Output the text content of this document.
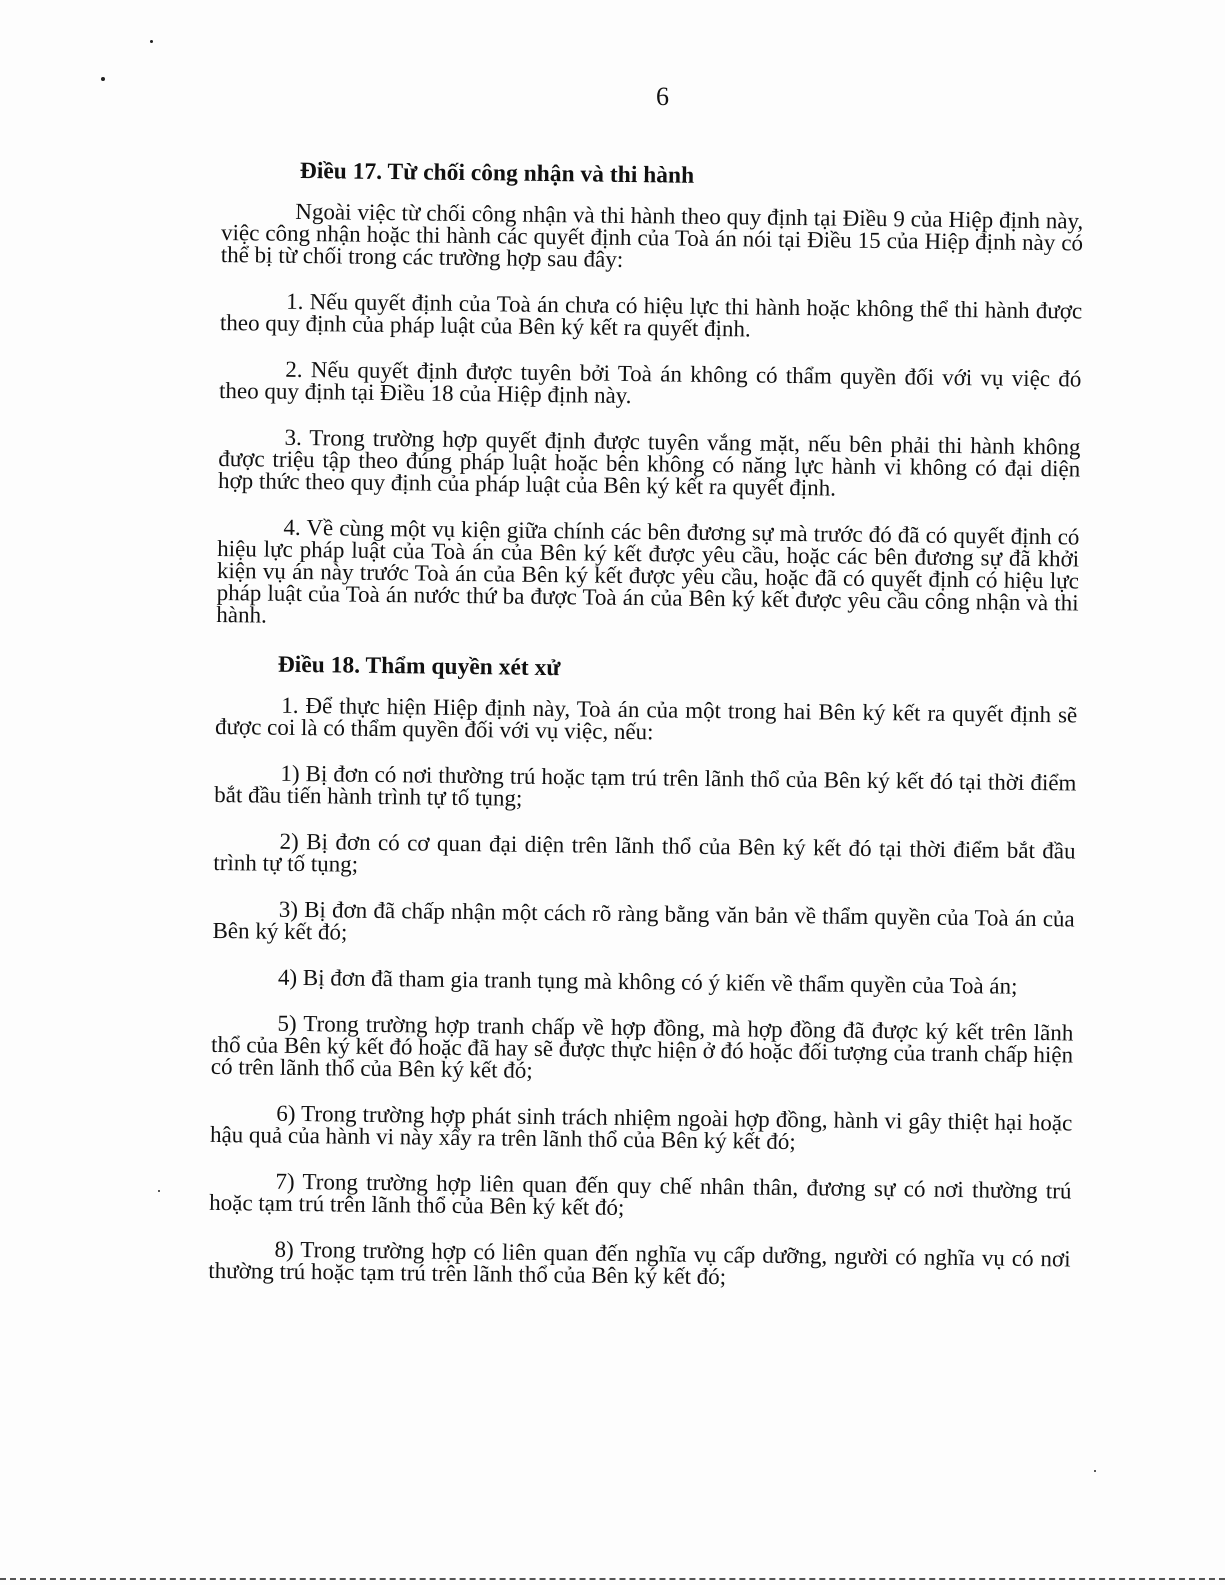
6
Điều 17. Từ chối công nhận và thi hành

Ngoài việc từ chối công nhận và thi hành theo quy định tại Điều 9 của Hiệp định này, việc công nhận hoặc thi hành các quyết định của Toà án nói tại Điều 15 của Hiệp định này có thể bị từ chối trong các trường hợp sau đây:

1. Nếu quyết định của Toà án chưa có hiệu lực thi hành hoặc không thể thi hành được theo quy định của pháp luật của Bên ký kết ra quyết định.

2. Nếu quyết định được tuyên bởi Toà án không có thẩm quyền đối với vụ việc đó theo quy định tại Điều 18 của Hiệp định này.

3. Trong trường hợp quyết định được tuyên vắng mặt, nếu bên phải thi hành không được triệu tập theo đúng pháp luật hoặc bên không có năng lực hành vi không có đại diện hợp thức theo quy định của pháp luật của Bên ký kết ra quyết định.

4. Về cùng một vụ kiện giữa chính các bên đương sự mà trước đó đã có quyết định có hiệu lực pháp luật của Toà án của Bên ký kết được yêu cầu, hoặc các bên đương sự đã khởi kiện vụ án này trước Toà án của Bên ký kết được yêu cầu, hoặc đã có quyết định có hiệu lực pháp luật của Toà án nước thứ ba được Toà án của Bên ký kết được yêu cầu công nhận và thi hành.

Điều 18. Thẩm quyền xét xử

1. Để thực hiện Hiệp định này, Toà án của một trong hai Bên ký kết ra quyết định sẽ được coi là có thẩm quyền đối với vụ việc, nếu:

1) Bị đơn có nơi thường trú hoặc tạm trú trên lãnh thổ của Bên ký kết đó tại thời điểm bắt đầu tiến hành trình tự tố tụng;

2) Bị đơn có cơ quan đại diện trên lãnh thổ của Bên ký kết đó tại thời điểm bắt đầu trình tự tố tụng;

3) Bị đơn đã chấp nhận một cách rõ ràng bằng văn bản về thẩm quyền của Toà án của Bên ký kết đó;

4) Bị đơn đã tham gia tranh tụng mà không có ý kiến về thẩm quyền của Toà án;

5) Trong trường hợp tranh chấp về hợp đồng, mà hợp đồng đã được ký kết trên lãnh thổ của Bên ký kết đó hoặc đã hay sẽ được thực hiện ở đó hoặc đối tượng của tranh chấp hiện có trên lãnh thổ của Bên ký kết đó;

6) Trong trường hợp phát sinh trách nhiệm ngoài hợp đồng, hành vi gây thiệt hại hoặc hậu quả của hành vi này xẩy ra trên lãnh thổ của Bên ký kết đó;

7) Trong trường hợp liên quan đến quy chế nhân thân, đương sự có nơi thường trú hoặc tạm trú trên lãnh thổ của Bên ký kết đó;

8) Trong trường hợp có liên quan đến nghĩa vụ cấp dưỡng, người có nghĩa vụ có nơi thường trú hoặc tạm trú trên lãnh thổ của Bên ký kết đó;
